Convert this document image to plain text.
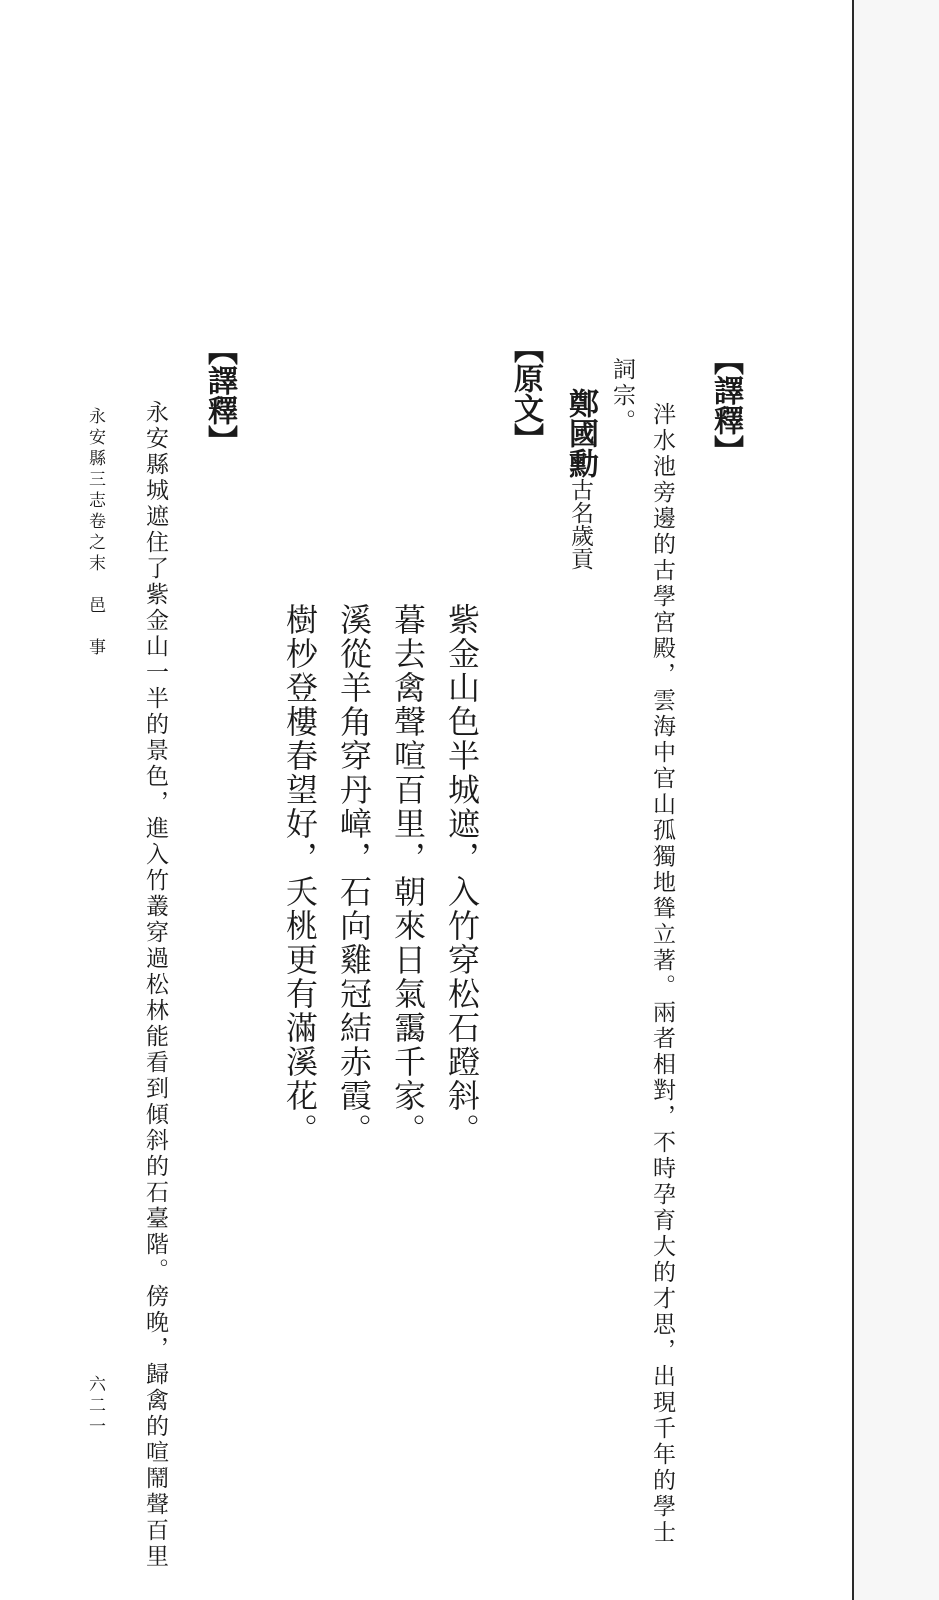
【譯釋】
泮水池旁邊的古學宮殿，雲海中官山孤獨地聳立著。兩者相對，不時孕育大的才思，出現千年的學士
詞宗。
鄭國勳古名歲貢
【原文】
紫金山色半城遮，入竹穿松石蹬斜。
暮去禽聲喧百里，朝來日氣靄千家。
溪從羊角穿丹嶂，石向雞冠結赤霞。
樹杪登樓春望好，夭桃更有滿溪花。
【譯釋】
永安縣城遮住了紫金山一半的景色，進入竹叢穿過松林能看到傾斜的石臺階。傍晚，歸禽的喧鬧聲百里
永安縣三志卷之末　邑　事
六二一
